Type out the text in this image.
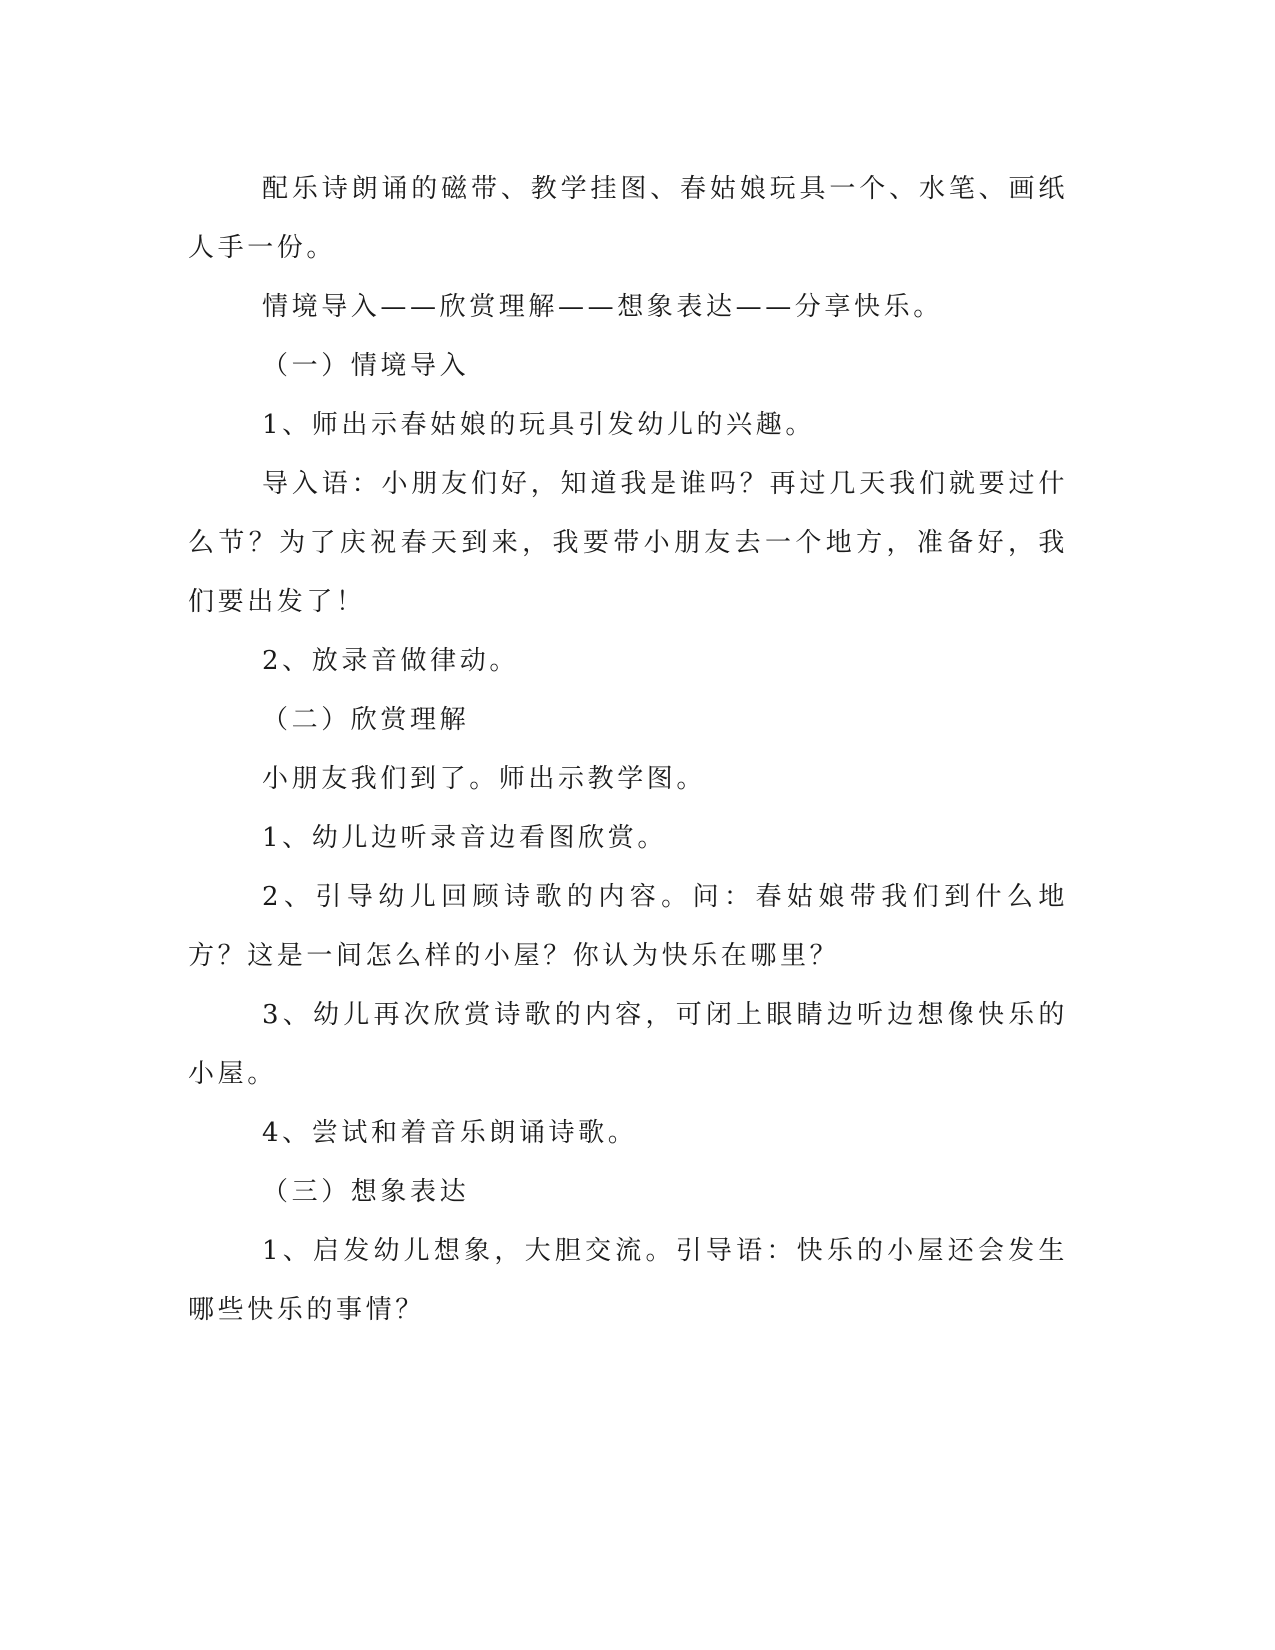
配乐诗朗诵的磁带、教学挂图、春姑娘玩具一个、水笔、画纸人手一份。

情境导入——欣赏理解——想象表达——分享快乐。

（一）情境导入

1、师出示春姑娘的玩具引发幼儿的兴趣。

导入语：小朋友们好，知道我是谁吗？再过几天我们就要过什么节？为了庆祝春天到来，我要带小朋友去一个地方，准备好，我们要出发了！

2、放录音做律动。

（二）欣赏理解

小朋友我们到了。师出示教学图。

1、幼儿边听录音边看图欣赏。

2、引导幼儿回顾诗歌的内容。问：春姑娘带我们到什么地方？这是一间怎么样的小屋？你认为快乐在哪里？

3、幼儿再次欣赏诗歌的内容，可闭上眼睛边听边想像快乐的小屋。

4、尝试和着音乐朗诵诗歌。

（三）想象表达

1、启发幼儿想象，大胆交流。引导语：快乐的小屋还会发生哪些快乐的事情？
